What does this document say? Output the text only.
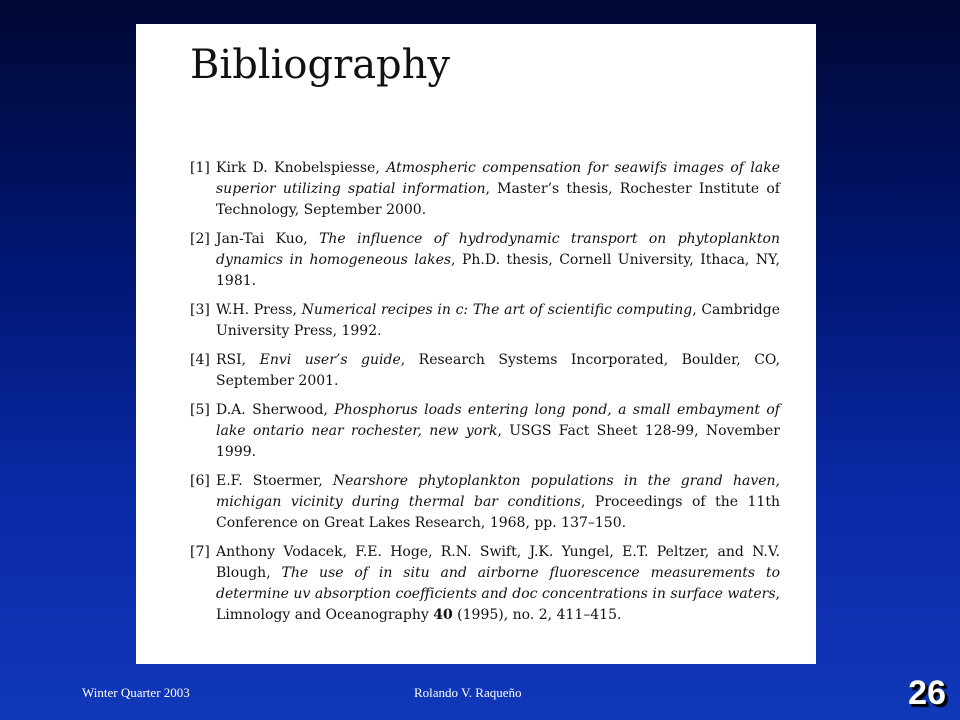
Bibliography
[1] Kirk D. Knobelspiesse, Atmospheric compensation for seawifs images of lake superior utilizing spatial information, Master’s thesis, Rochester Institute of Technology, September 2000.
[2] Jan-Tai Kuo, The influence of hydrodynamic transport on phytoplankton dynamics in homogeneous lakes, Ph.D. thesis, Cornell University, Ithaca, NY, 1981.
[3] W.H. Press, Numerical recipes in c: The art of scientific computing, Cambridge University Press, 1992.
[4] RSI, Envi user’s guide, Research Systems Incorporated, Boulder, CO, September 2001.
[5] D.A. Sherwood, Phosphorus loads entering long pond, a small embayment of lake ontario near rochester, new york, USGS Fact Sheet 128-99, November 1999.
[6] E.F. Stoermer, Nearshore phytoplankton populations in the grand haven, michigan vicinity during thermal bar conditions, Proceedings of the 11th Conference on Great Lakes Research, 1968, pp. 137–150.
[7] Anthony Vodacek, F.E. Hoge, R.N. Swift, J.K. Yungel, E.T. Peltzer, and N.V. Blough, The use of in situ and airborne fluorescence measurements to determine uv absorption coefficients and doc concentrations in surface waters, Limnology and Oceanography 40 (1995), no. 2, 411–415.
Winter Quarter 2003	Rolando V. Raqueño	26
